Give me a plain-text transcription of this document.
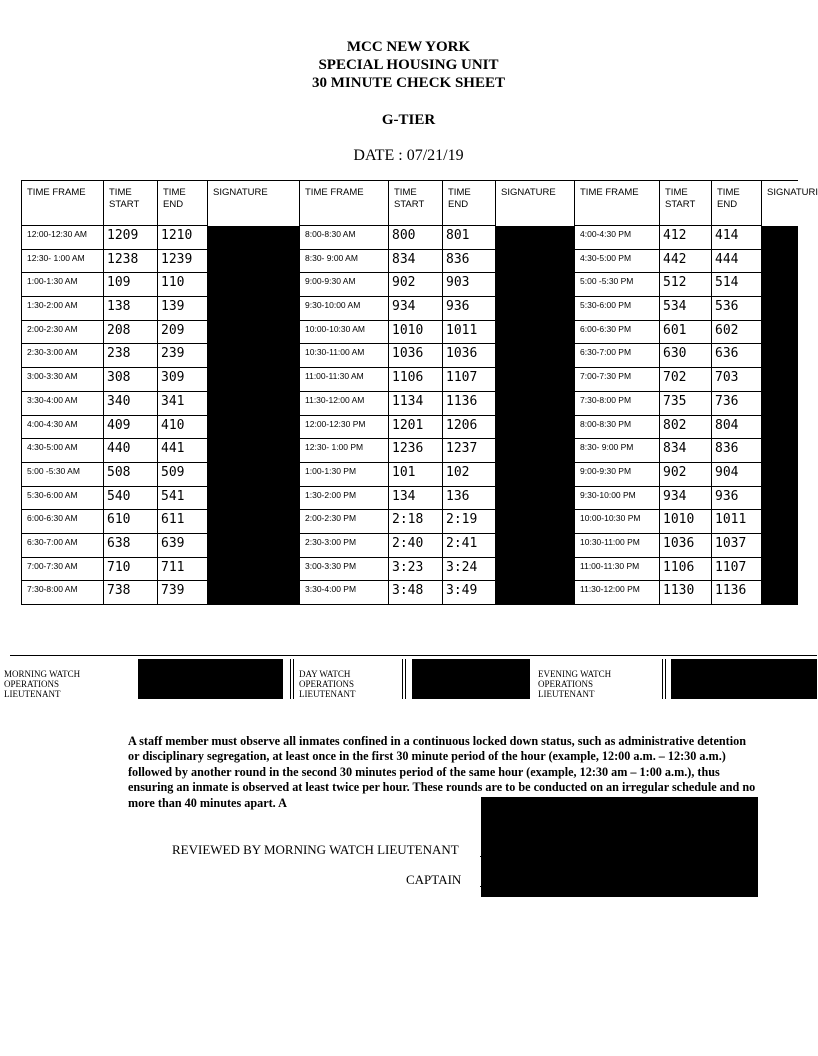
MCC NEW YORK
SPECIAL HOUSING UNIT
30 MINUTE CHECK SHEET
G-TIER
DATE : 07/21/19
TIME FRAME	TIME START	TIME END	SIGNATURE	TIME FRAME	TIME START	TIME END	SIGNATURE	TIME FRAME	TIME START	TIME END	SIGNATURI
12:00-12:30 AM	1209	1210		8:00-8:30 AM	800	801		4:00-4:30 PM	412	414	
12:30- 1:00 AM	1238	1239		8:30- 9:00 AM	834	836		4:30-5:00 PM	442	444	
1:00-1:30 AM	109	110		9:00-9:30 AM	902	903		5:00 -5:30 PM	512	514	
1:30-2:00 AM	138	139		9:30-10:00 AM	934	936		5:30-6:00 PM	534	536	
2:00-2:30 AM	208	209		10:00-10:30 AM	1010	1011		6:00-6:30 PM	601	602	
2:30-3:00 AM	238	239		10:30-11:00 AM	1036	1036		6:30-7:00 PM	630	636	
3:00-3:30 AM	308	309		11:00-11:30 AM	1106	1107		7:00-7:30 PM	702	703	
3:30-4:00 AM	340	341		11:30-12:00 AM	1134	1136		7:30-8:00 PM	735	736	
4:00-4:30 AM	409	410		12:00-12:30 PM	1201	1206		8:00-8:30 PM	802	804	
4:30-5:00 AM	440	441		12:30- 1:00 PM	1236	1237		8:30- 9:00 PM	834	836	
5:00 -5:30 AM	508	509		1:00-1:30 PM	101	102		9:00-9:30 PM	902	904	
5:30-6:00 AM	540	541		1:30-2:00 PM	134	136		9:30-10:00 PM	934	936	
6:00-6:30 AM	610	611		2:00-2:30 PM	2:18	2:19		10:00-10:30 PM	1010	1011	
6:30-7:00 AM	638	639		2:30-3:00 PM	2:40	2:41		10:30-11:00 PM	1036	1037	
7:00-7:30 AM	710	711		3:00-3:30 PM	3:23	3:24		11:00-11:30 PM	1106	1107	
7:30-8:00 AM	738	739		3:30-4:00 PM	3:48	3:49		11:30-12:00 PM	1130	1136	
MORNING WATCH
OPERATIONS
LIEUTENANT
DAY WATCH
OPERATIONS
LIEUTENANT
EVENING WATCH
OPERATIONS
LIEUTENANT
A staff member must observe all inmates confined in a continuous locked down status, such as administrative detention or disciplinary segregation, at least once in the first 30 minute period of the hour (example, 12:00 a.m. – 12:30 a.m.) followed by another round in the second 30 minutes period of the same hour (example, 12:30 am – 1:00 a.m.), thus ensuring an inmate is observed at least twice per hour. These rounds are to be conducted on an irregular schedule and no more than 40 minutes apart. A
REVIEWED BY MORNING WATCH LIEUTENANT
CAPTAIN
